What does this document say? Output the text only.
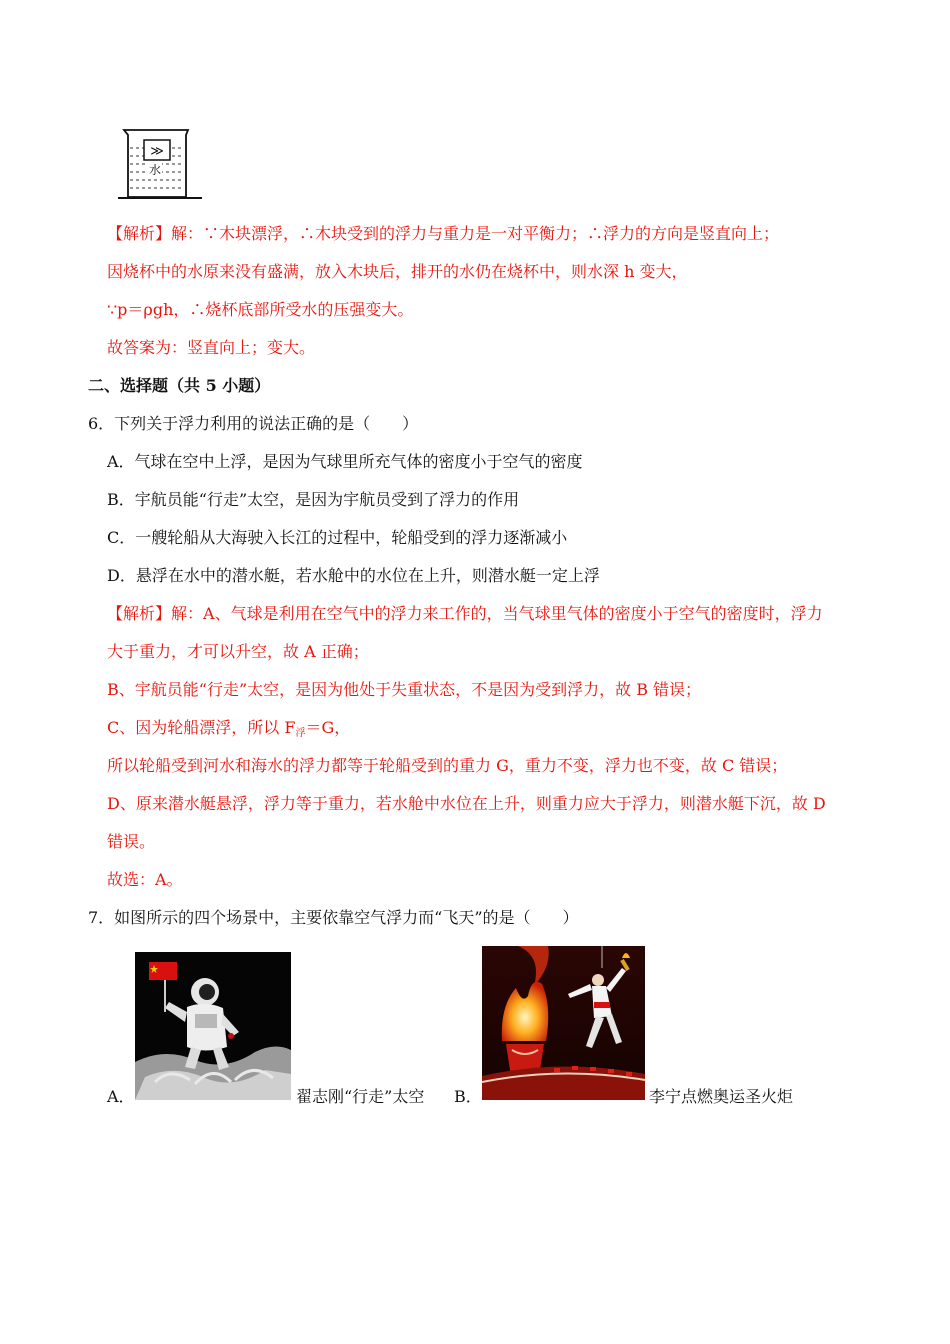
≫
水
【解析】解：∵木块漂浮，∴木块受到的浮力与重力是一对平衡力；∴浮力的方向是竖直向上；
因烧杯中的水原来没有盛满，放入木块后，排开的水仍在烧杯中，则水深 h 变大，
∵p＝ρgh，∴烧杯底部所受水的压强变大。
故答案为：竖直向上；变大。
二、选择题（共 5 小题）
6．下列关于浮力利用的说法正确的是（　　）
A．气球在空中上浮，是因为气球里所充气体的密度小于空气的密度
B．宇航员能“行走”太空，是因为宇航员受到了浮力的作用
C．一艘轮船从大海驶入长江的过程中，轮船受到的浮力逐渐减小
D．悬浮在水中的潜水艇，若水舱中的水位在上升，则潜水艇一定上浮
【解析】解：A、气球是利用在空气中的浮力来工作的，当气球里气体的密度小于空气的密度时，浮力
大于重力，才可以升空，故 A 正确；
B、宇航员能“行走”太空，是因为他处于失重状态，不是因为受到浮力，故 B 错误；
C、因为轮船漂浮，所以 $F_浮=G$，
所以轮船受到河水和海水的浮力都等于轮船受到的重力 G，重力不变，浮力也不变，故 C 错误；
D、原来潜水艇悬浮，浮力等于重力，若水舱中水位在上升，则重力应大于浮力，则潜水艇下沉，故 D
错误。
故选：A。
7．如图所示的四个场景中，主要依靠空气浮力而“飞天”的是（　　）
A．	翟志刚“行走”太空 B．	李宁点燃奥运圣火炬
